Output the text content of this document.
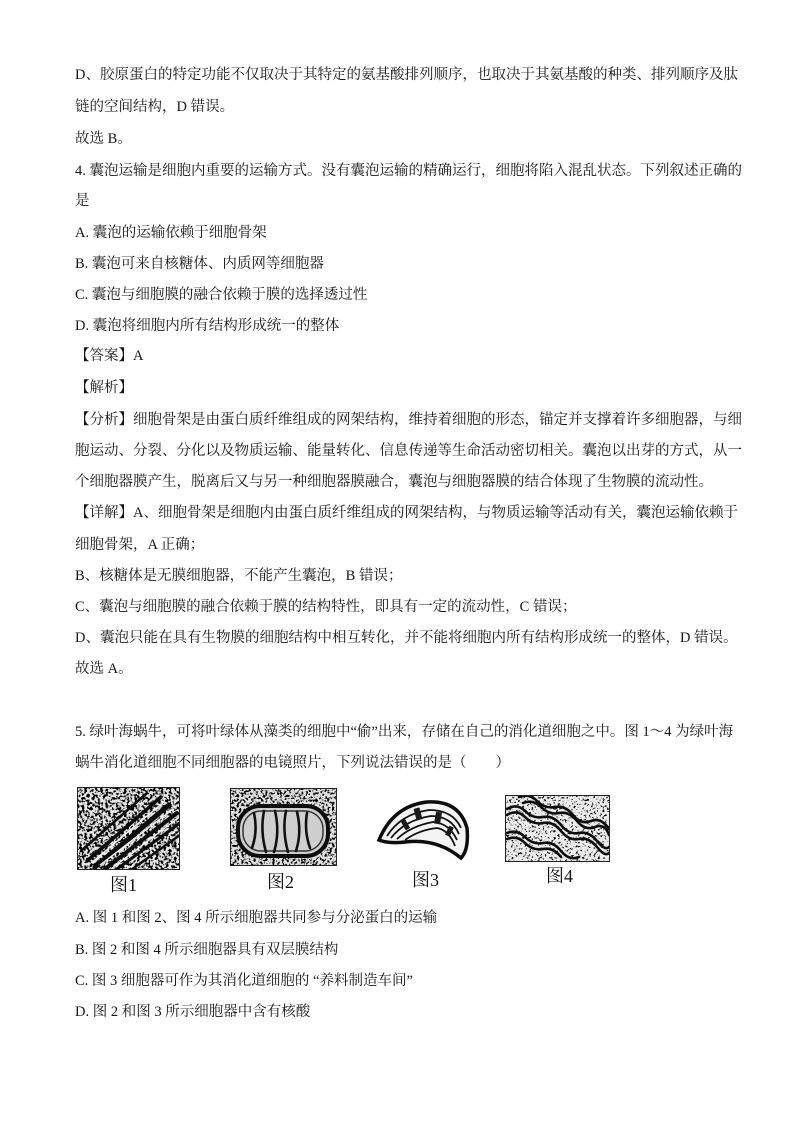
D、胶原蛋白的特定功能不仅取决于其特定的氨基酸排列顺序，也取决于其氨基酸的种类、排列顺序及肽
链的空间结构，D 错误。
故选 B。
4. 囊泡运输是细胞内重要的运输方式。没有囊泡运输的精确运行，细胞将陷入混乱状态。下列叙述正确的
是
A. 囊泡的运输依赖于细胞骨架
B. 囊泡可来自核糖体、内质网等细胞器
C. 囊泡与细胞膜的融合依赖于膜的选择透过性
D. 囊泡将细胞内所有结构形成统一的整体
【答案】A
【解析】
【分析】细胞骨架是由蛋白质纤维组成的网架结构，维持着细胞的形态，锚定并支撑着许多细胞器，与细
胞运动、分裂、分化以及物质运输、能量转化、信息传递等生命活动密切相关。囊泡以出芽的方式，从一
个细胞器膜产生，脱离后又与另一种细胞器膜融合，囊泡与细胞器膜的结合体现了生物膜的流动性。
【详解】A、细胞骨架是细胞内由蛋白质纤维组成的网架结构，与物质运输等活动有关，囊泡运输依赖于
细胞骨架，A 正确；
B、核糖体是无膜细胞器，不能产生囊泡，B 错误；
C、囊泡与细胞膜的融合依赖于膜的结构特性，即具有一定的流动性，C 错误；
D、囊泡只能在具有生物膜的细胞结构中相互转化，并不能将细胞内所有结构形成统一的整体，D 错误。
故选 A。
5. 绿叶海蜗牛，可将叶绿体从藻类的细胞中“偷”出来，存储在自己的消化道细胞之中。图 1～4 为绿叶海
蜗牛消化道细胞不同细胞器的电镜照片，下列说法错误的是（　　）
图1	图2	图3	图4
A. 图 1 和图 2、图 4 所示细胞器共同参与分泌蛋白的运输
B. 图 2 和图 4 所示细胞器具有双层膜结构
C. 图 3 细胞器可作为其消化道细胞的 “养料制造车间”
D. 图 2 和图 3 所示细胞器中含有核酸
